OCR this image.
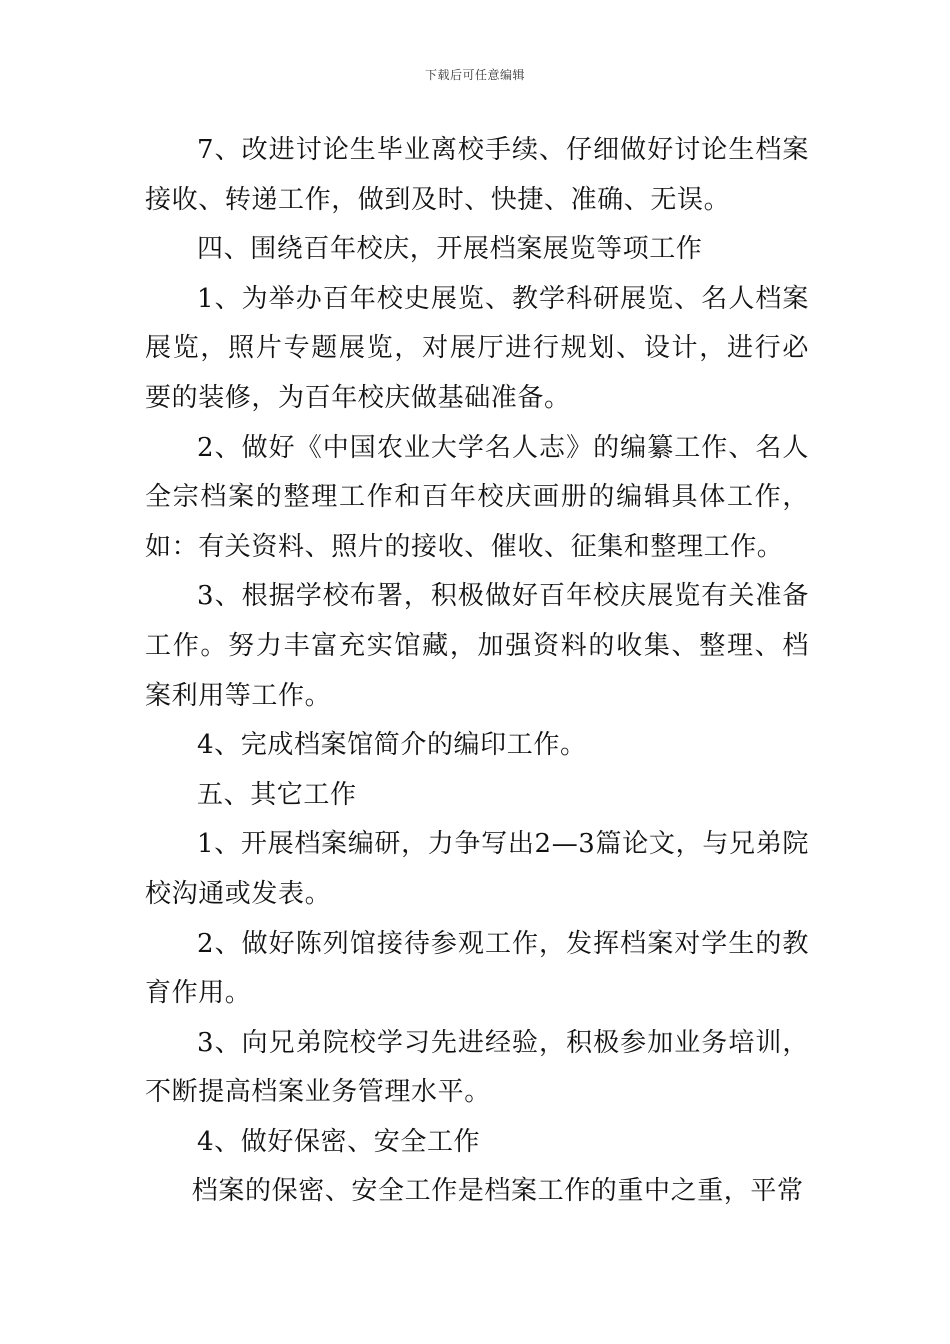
下载后可任意编辑

7、改进讨论生毕业离校手续、仔细做好讨论生档案接收、转递工作，做到及时、快捷、准确、无误。

四、围绕百年校庆，开展档案展览等项工作

1、为举办百年校史展览、教学科研展览、名人档案展览，照片专题展览，对展厅进行规划、设计，进行必要的装修，为百年校庆做基础准备。

2、做好《中国农业大学名人志》的编纂工作、名人全宗档案的整理工作和百年校庆画册的编辑具体工作，如：有关资料、照片的接收、催收、征集和整理工作。

3、根据学校布署，积极做好百年校庆展览有关准备工作。努力丰富充实馆藏，加强资料的收集、整理、档案利用等工作。

4、完成档案馆简介的编印工作。

五、其它工作

1、开展档案编研，力争写出2—3篇论文，与兄弟院校沟通或发表。

2、做好陈列馆接待参观工作，发挥档案对学生的教育作用。

3、向兄弟院校学习先进经验，积极参加业务培训，不断提高档案业务管理水平。

4、做好保密、安全工作

档案的保密、安全工作是档案工作的重中之重，平常
